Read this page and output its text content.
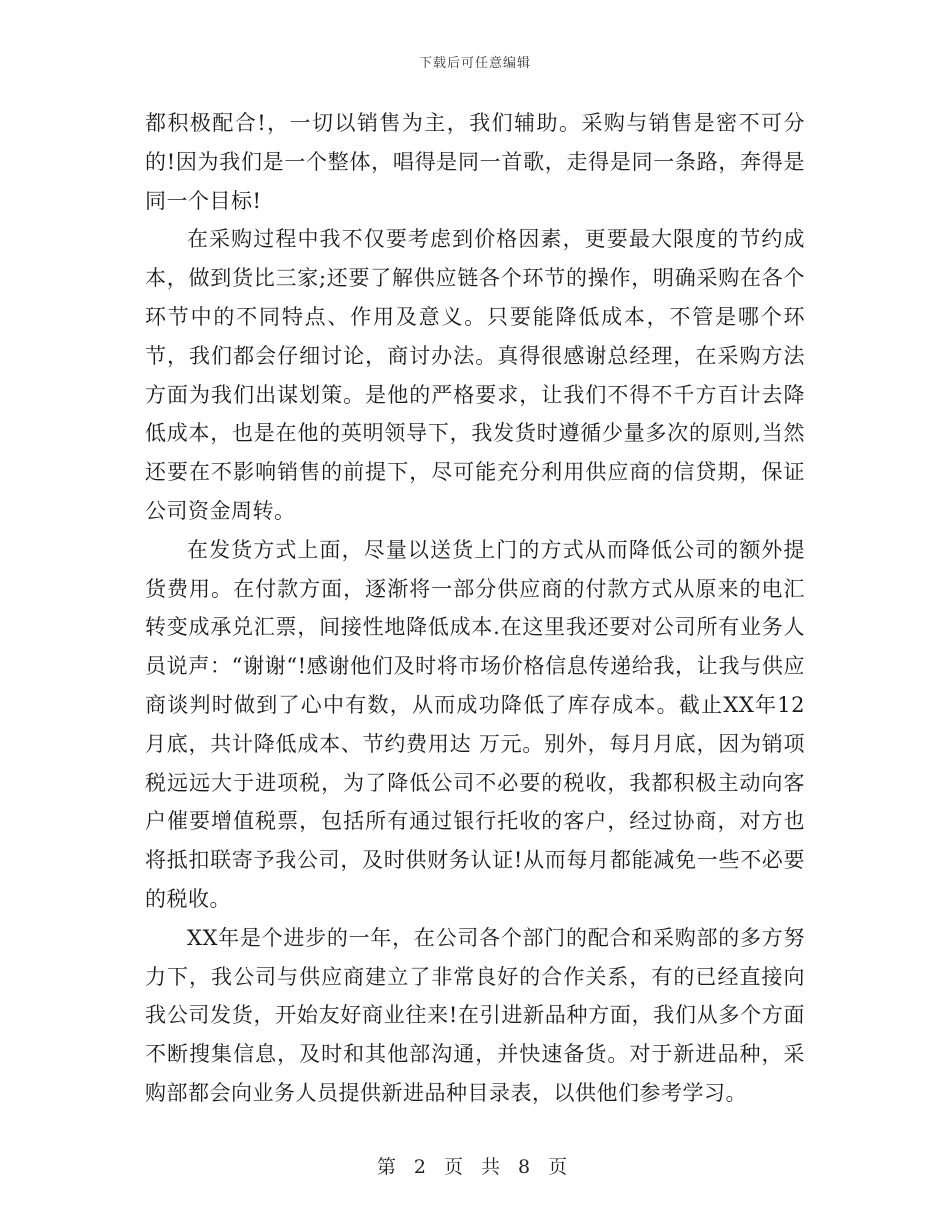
下载后可任意编辑

都积极配合!，一切以销售为主，我们辅助。采购与销售是密不可分的!因为我们是一个整体，唱得是同一首歌，走得是同一条路，奔得是同一个目标!

在采购过程中我不仅要考虑到价格因素，更要最大限度的节约成本，做到货比三家;还要了解供应链各个环节的操作，明确采购在各个环节中的不同特点、作用及意义。只要能降低成本，不管是哪个环节，我们都会仔细讨论，商讨办法。真得很感谢总经理，在采购方法方面为我们出谋划策。是他的严格要求，让我们不得不千方百计去降低成本，也是在他的英明领导下，我发货时遵循少量多次的原则,当然还要在不影响销售的前提下，尽可能充分利用供应商的信贷期，保证公司资金周转。

在发货方式上面，尽量以送货上门的方式从而降低公司的额外提货费用。在付款方面，逐渐将一部分供应商的付款方式从原来的电汇转变成承兑汇票，间接性地降低成本.在这里我还要对公司所有业务人员说声：“谢谢“!感谢他们及时将市场价格信息传递给我，让我与供应商谈判时做到了心中有数，从而成功降低了库存成本。截止XX年12月底，共计降低成本、节约费用达 万元。别外，每月月底，因为销项税远远大于进项税，为了降低公司不必要的税收，我都积极主动向客户催要增值税票，包括所有通过银行托收的客户，经过协商，对方也将抵扣联寄予我公司，及时供财务认证!从而每月都能减免一些不必要的税收。

XX年是个进步的一年，在公司各个部门的配合和采购部的多方努力下，我公司与供应商建立了非常良好的合作关系，有的已经直接向我公司发货，开始友好商业往来!在引进新品种方面，我们从多个方面不断搜集信息，及时和其他部沟通，并快速备货。对于新进品种，采购部都会向业务人员提供新进品种目录表，以供他们参考学习。

第 2 页 共 8 页
